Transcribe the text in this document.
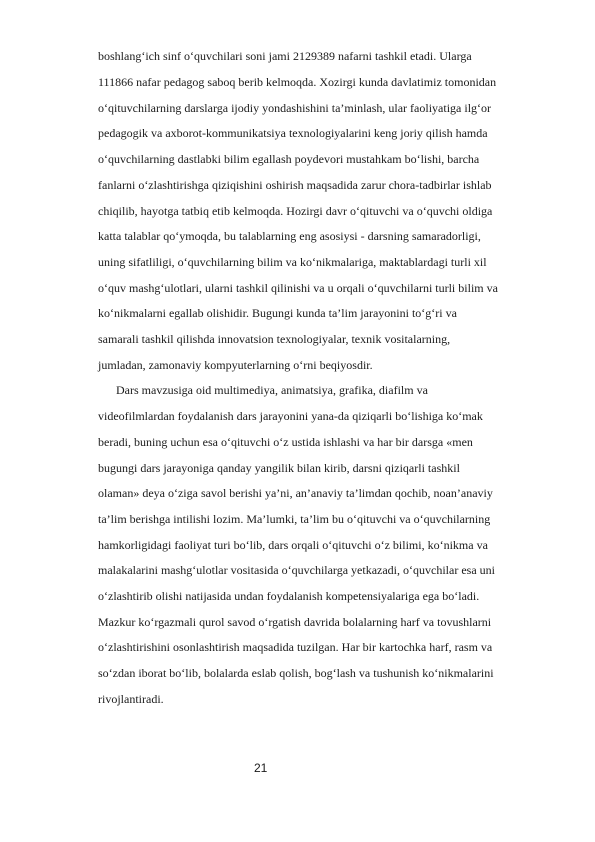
boshlang‘ich sinf o‘quvchilari soni jami 2129389 nafarni tashkil etadi. Ularga
111866 nafar pedagog saboq berib kelmoqda. Xozirgi kunda davlatimiz tomonidan
o‘qituvchilarning darslarga ijodiy yondashishini ta’minlash, ular faoliyatiga ilg‘or
pedagogik va axborot-kommunikatsiya texnologiyalarini keng joriy qilish hamda
o‘quvchilarning dastlabki bilim egallash poydevori mustahkam bo‘lishi, barcha
fanlarni o‘zlashtirishga qiziqishini oshirish maqsadida zarur chora-tadbirlar ishlab
chiqilib, hayotga tatbiq etib kelmoqda. Hozirgi davr o‘qituvchi va o‘quvchi oldiga
katta talablar qo‘ymoqda, bu talablarning eng asosiysi - darsning samaradorligi,
uning sifatliligi, o‘quvchilarning bilim va ko‘nikmalariga, maktablardagi turli xil
o‘quv mashg‘ulotlari, ularni tashkil qilinishi va u orqali o‘quvchilarni turli bilim va
ko‘nikmalarni egallab olishidir. Bugungi kunda ta’lim jarayonini to‘g‘ri va
samarali tashkil qilishda innovatsion texnologiyalar, texnik vositalarning,
jumladan, zamonaviy kompyuterlarning o‘rni beqiyosdir.
Dars mavzusiga oid multimediya, animatsiya, grafika, diafilm va
videofilmlardan foydalanish dars jarayonini yana-da qiziqarli bo‘lishiga ko‘mak
beradi, buning uchun esa o‘qituvchi o‘z ustida ishlashi va har bir darsga «men
bugungi dars jarayoniga qanday yangilik bilan kirib, darsni qiziqarli tashkil
olaman» deya o‘ziga savol berishi ya’ni, an’anaviy ta’limdan qochib, noan’anaviy
ta’lim berishga intilishi lozim. Ma’lumki, ta’lim bu o‘qituvchi va o‘quvchilarning
hamkorligidagi faoliyat turi bo‘lib, dars orqali o‘qituvchi o‘z bilimi, ko‘nikma va
malakalarini mashg‘ulotlar vositasida o‘quvchilarga yetkazadi, o‘quvchilar esa uni
o‘zlashtirib olishi natijasida undan foydalanish kompetensiyalariga ega bo‘ladi.
Mazkur ko‘rgazmali qurol savod o‘rgatish davrida bolalarning harf va tovushlarni
o‘zlashtirishini osonlashtirish maqsadida tuzilgan. Har bir kartochka harf, rasm va
so‘zdan iborat bo‘lib, bolalarda eslab qolish, bog‘lash va tushunish ko‘nikmalarini
rivojlantiradi.
21
